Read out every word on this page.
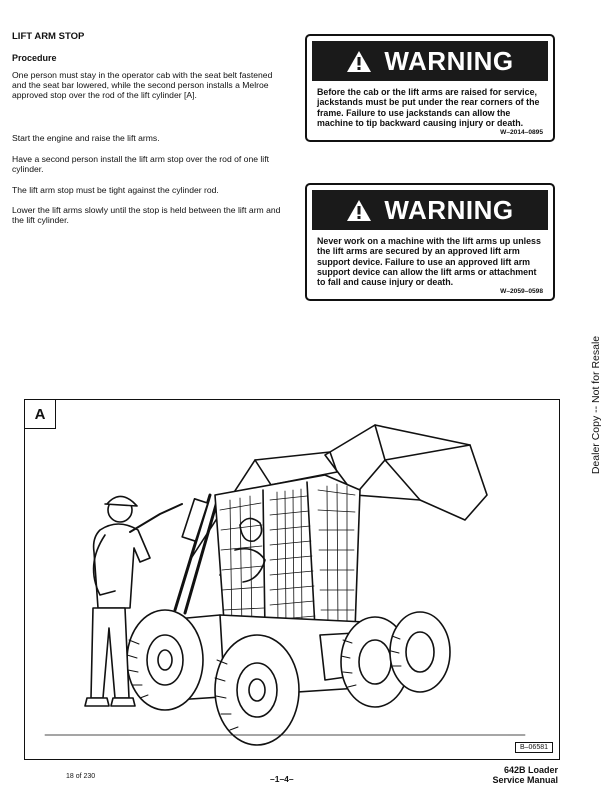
LIFT ARM STOP
Procedure
One person must stay in the operator cab with the seat belt fastened and the seat bar lowered, while the second person installs a Melroe approved stop over the rod of the lift cylinder [A].
Start the engine and raise the lift arms.
Have a second person install the lift arm stop over the rod of one lift cylinder.
The lift arm stop must be tight against the cylinder rod.
Lower the lift arms slowly until the stop is held between the lift arm and the lift cylinder.
WARNING
Before the cab or the lift arms are raised for service, jackstands must be put under the rear corners of the frame. Failure to use jackstands can allow the machine to tip backward causing injury or death.
W–2014–0895
WARNING
Never work on a machine with the lift arms up unless the lift arms are secured by an approved lift arm support device. Failure to use an approved lift arm support device can allow the lift arms or attachment to fall and cause injury or death.
W–2059–0598
Dealer Copy -- Not for Resale
A
B–06581
18 of 230	–1–4–
642B Loader
Service Manual
